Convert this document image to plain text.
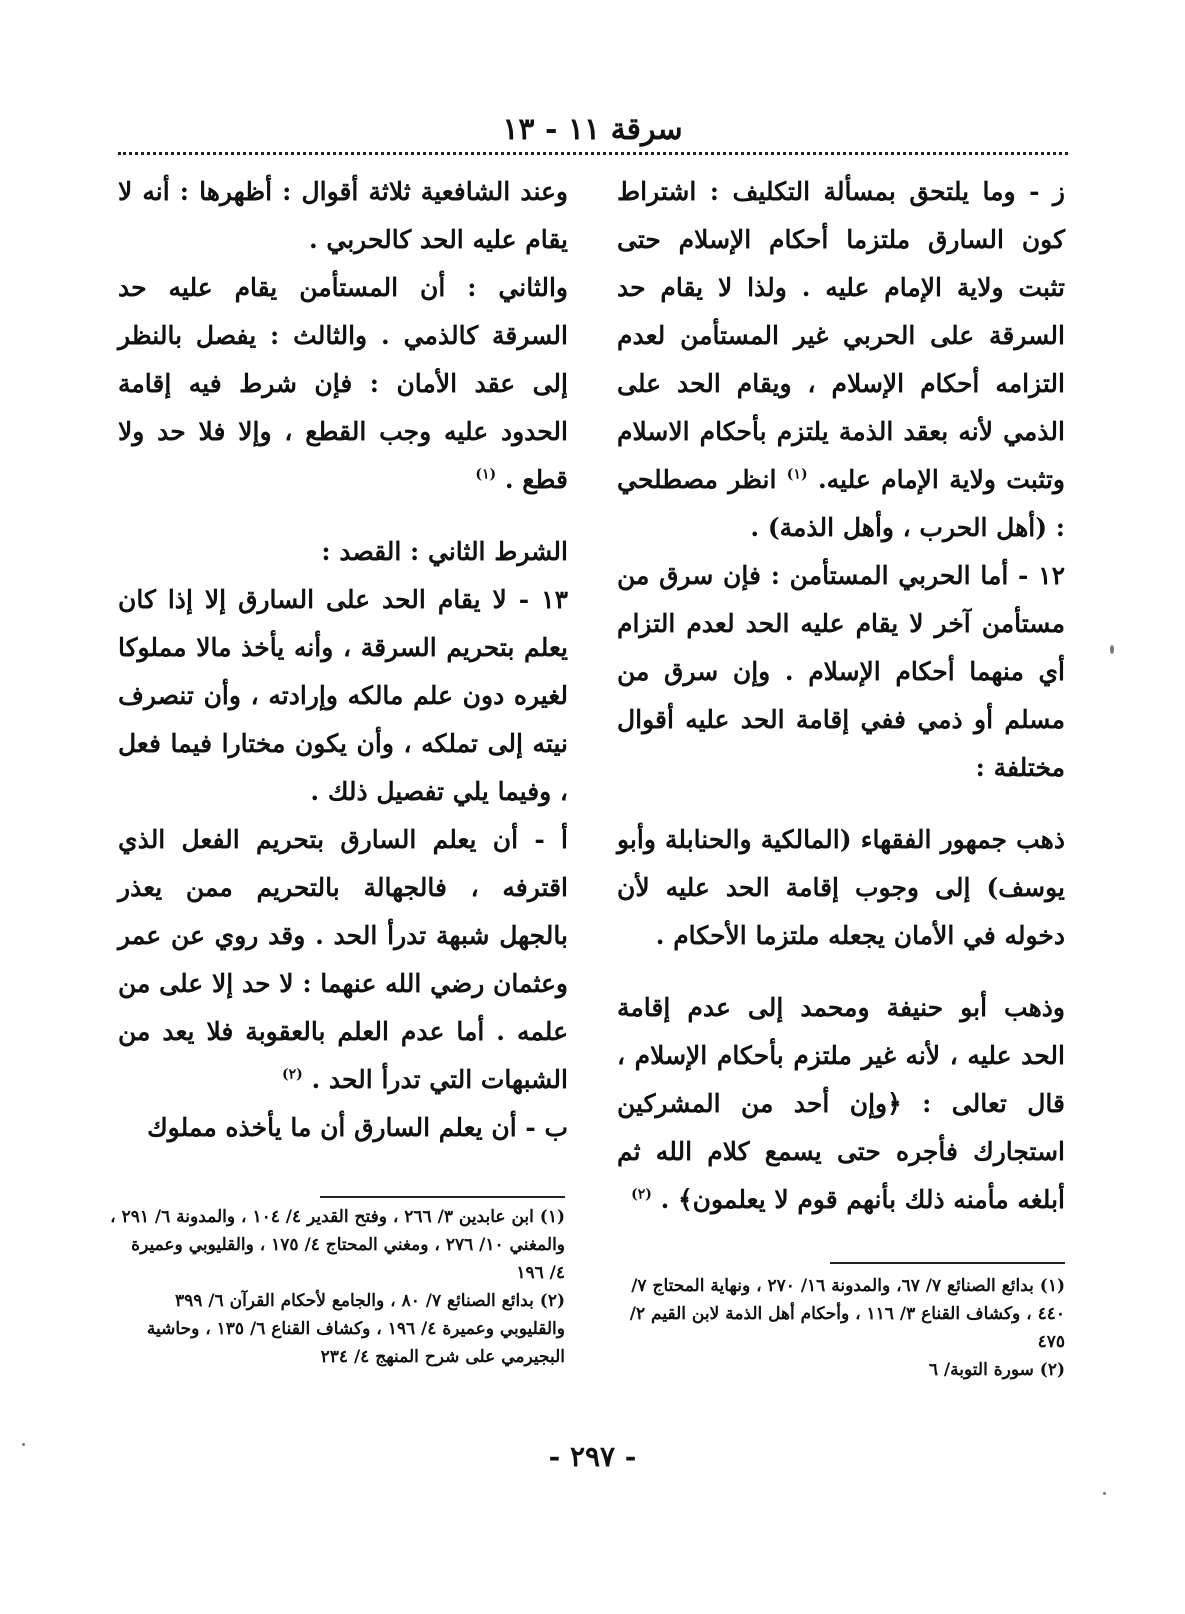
سرقة ١١ - ١٣

ز - وما يلتحق بمسألة التكليف : اشتراط كون السارق ملتزما أحكام الإسلام حتى تثبت ولاية الإمام عليه . ولذا لا يقام حد السرقة على الحربي غير المستأمن لعدم التزامه أحكام الإسلام ، ويقام الحد على الذمي لأنه بعقد الذمة يلتزم بأحكام الاسلام وتثبت ولاية الإمام عليه. $^{(١)}$ انظر مصطلحي : (أهل الحرب ، وأهل الذمة) .

١٢ - أما الحربي المستأمن : فإن سرق من مستأمن آخر لا يقام عليه الحد لعدم التزام أي منهما أحكام الإسلام . وإن سرق من مسلم أو ذمي ففي إقامة الحد عليه أقوال مختلفة :

ذهب جمهور الفقهاء (المالكية والحنابلة وأبو يوسف) إلى وجوب إقامة الحد عليه لأن دخوله في الأمان يجعله ملتزما الأحكام .

وذهب أبو حنيفة ومحمد إلى عدم إقامة الحد عليه ، لأنه غير ملتزم بأحكام الإسلام ، قال تعالى : ﴿وإن أحد من المشركين استجارك فأجره حتى يسمع كلام الله ثم أبلغه مأمنه ذلك بأنهم قوم لا يعلمون﴾ . $^{(٢)}$

وعند الشافعية ثلاثة أقوال : أظهرها : أنه لا يقام عليه الحد كالحربي .

والثاني : أن المستأمن يقام عليه حد السرقة كالذمي . والثالث : يفصل بالنظر إلى عقد الأمان : فإن شرط فيه إقامة الحدود عليه وجب القطع ، وإلا فلا حد ولا قطع . $^{(١)}$

الشرط الثاني : القصد :

١٣ - لا يقام الحد على السارق إلا إذا كان يعلم بتحريم السرقة ، وأنه يأخذ مالا مملوكا لغيره دون علم مالكه وإرادته ، وأن تنصرف نيته إلى تملكه ، وأن يكون مختارا فيما فعل ، وفيما يلي تفصيل ذلك .

أ - أن يعلم السارق بتحريم الفعل الذي اقترفه ، فالجهالة بالتحريم ممن يعذر بالجهل شبهة تدرأ الحد . وقد روي عن عمر وعثمان رضي الله عنهما : لا حد إلا على من علمه . أما عدم العلم بالعقوبة فلا يعد من الشبهات التي تدرأ الحد . $^{(٢)}$

ب - أن يعلم السارق أن ما يأخذه مملوك

(١) بدائع الصنائع ٧/ ٦٧، والمدونة ١٦/ ٢٧٠ ، ونهاية المحتاج ٧/ ٤٤٠ ، وكشاف القناع ٣/ ١١٦ ، وأحكام أهل الذمة لابن القيم ٢/ ٤٧٥

(٢) سورة التوبة/ ٦

(١) ابن عابدين ٣/ ٢٦٦ ، وفتح القدير ٤/ ١٠٤ ، والمدونة ٦/ ٢٩١ ، والمغني ١٠/ ٢٧٦ ، ومغني المحتاج ٤/ ١٧٥ ، والقليوبي وعميرة ٤/ ١٩٦

(٢) بدائع الصنائع ٧/ ٨٠ ، والجامع لأحكام القرآن ٦/ ٣٩٩ والقليوبي وعميرة ٤/ ١٩٦ ، وكشاف القناع ٦/ ١٣٥ ، وحاشية البجيرمي على شرح المنهج ٤/ ٢٣٤

- ٢٩٧ -
